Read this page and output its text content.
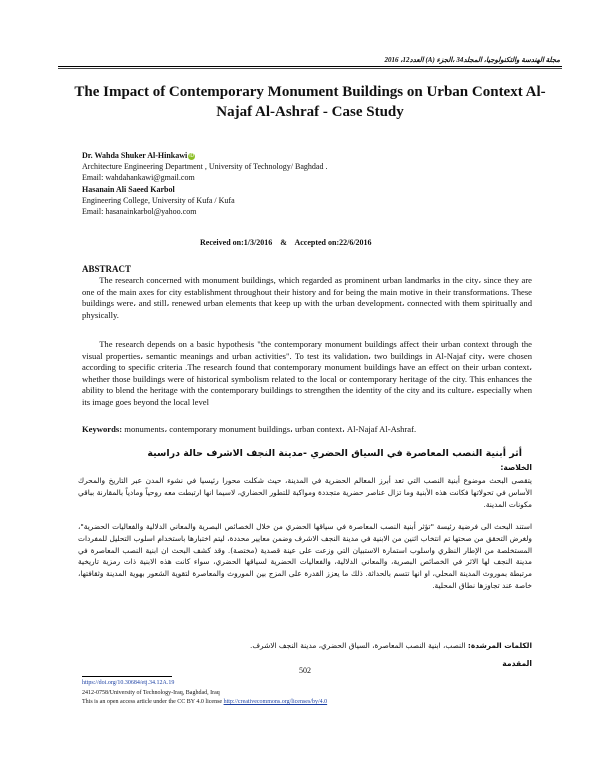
مجلة الهندسة والتكنولوجيا، المجلد34 ،الجزء (A) العدد12، 2016
The Impact of Contemporary Monument Buildings on Urban Context Al-Najaf Al-Ashraf - Case Study
Dr. Wahda Shuker Al-Hinkawi iD
Architecture Engineering Department , University of Technology/ Baghdad .
Email: wahdahankawi@gmail.com
Hasanain Ali Saeed Karbol
Engineering College, University of Kufa / Kufa
Email: hasanainkarbol@yahoo.com
Received on:1/3/2016 & Accepted on:22/6/2016
ABSTRACT
  The research concerned with monument buildings, which regarded as prominent urban landmarks in the city، since they are one of the main axes for city establishment throughout their history and for being the main motive in their transformations. These buildings were، and still، renewed urban elements that keep up with the urban development، connected with them spiritually and physically.
  The research depends on a basic hypothesis "the contemporary monument buildings affect their urban context through the visual properties، semantic meanings and urban activities". To test its validation، two buildings in Al-Najaf city، were chosen according to specific criteria .The research found that contemporary monument buildings have an effect on their urban context، whether those buildings were of historical symbolism related to the local or contemporary heritage of the city. This enhances the ability to blend the heritage with the contemporary buildings to strengthen the identity of the city and its culture، especially when its image goes beyond the local level
Keywords: monuments، contemporary monument buildings، urban context، Al-Najaf Al-Ashraf.
أثر أبنية النصب المعاصرة في السياق الحضري -مدينة النجف الاشرف حالة دراسية
الخلاصة:
يتقصى البحث موضوع أبنية النصب التي تعد أبرز المعالم الحضرية في المدينة، حيث شكلت محورا رئيسيا في نشوء المدن عبر التاريخ والمحرك الأساس في تحولاتها فكانت هذه الأبنية وما تزال عناصر حضرية متجددة ومواكبة للتطور الحضاري، لاسيما انها ارتبطت معه روحياً ومادياً بالمقارنة بباقي مكونات المدينة.
استند البحث الى فرضية رئيسة "تؤثر أبنية النصب المعاصرة في سياقها الحضري من خلال الخصائص البصرية والمعاني الدلالية والفعاليات الحضرية"، ولغرض التحقق من صحتها تم انتخاب اثنين من الابنية في مدينة النجف الاشرف وضمن معايير محددة، ليتم اختبارها باستخدام اسلوب التحليل للمفردات المستخلصة من الإطار النظري واسلوب استمارة الاستبيان التي وزعت على عينة قصدية (مختصة). وقد كشف البحث ان ابنية النصب المعاصرة في مدينة النجف لها الاثر في الخصائص البصرية، والمعاني الدلالية، والفعاليات الحضرية لسياقها الحضري، سواء كانت هذه الابنية ذات رمزية تاريخية مرتبطة بموروث المدينة المحلي، او انها تتسم بالحداثة. ذلك ما يعزز القدرة على المزج بين الموروث والمعاصرة لتقوية الشعور بهوية المدينة وثقافتها، خاصة عند تجاوزها نطاق المحلية.
الكلمات المرشدة: النصب، ابنية النصب المعاصرة، السياق الحضري، مدينة النجف الاشرف.
المقدمة
502
https://doi.org/10.30684/etj.34.12A.19
2412-0758/University of Technology-Iraq, Baghdad, Iraq
This is an open access article under the CC BY 4.0 license http://creativecommons.org/licenses/by/4.0
